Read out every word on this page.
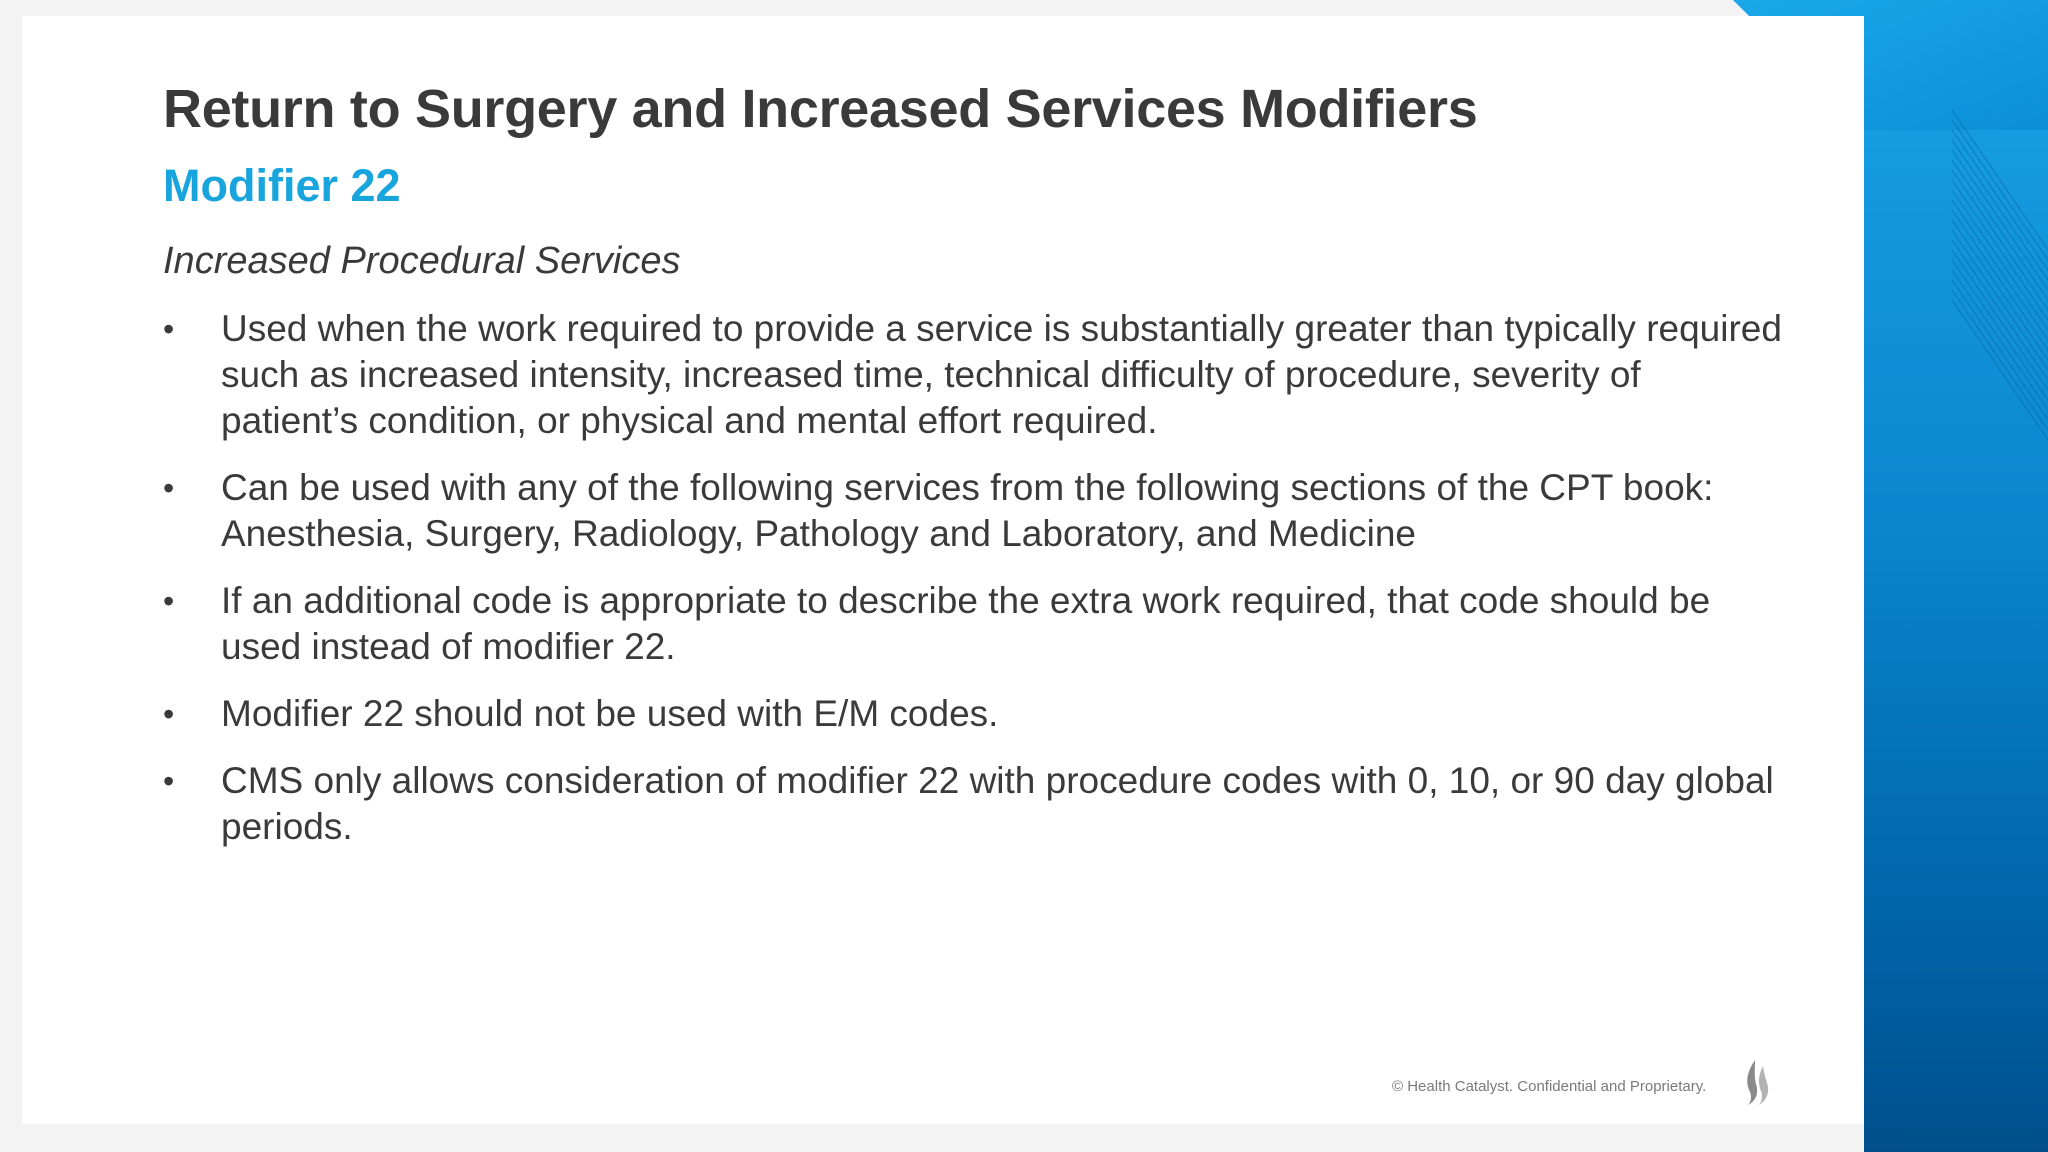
Return to Surgery and Increased Services Modifiers
Modifier 22

Increased Procedural Services

•	Used when the work required to provide a service is substantially greater than typically required such as increased intensity, increased time, technical difficulty of procedure, severity of patient’s condition, or physical and mental effort required.
•	Can be used with any of the following services from the following sections of the CPT book: Anesthesia, Surgery, Radiology, Pathology and Laboratory, and Medicine
•	If an additional code is appropriate to describe the extra work required, that code should be used instead of modifier 22.
•	Modifier 22 should not be used with E/M codes.
•	CMS only allows consideration of modifier 22 with procedure codes with 0, 10, or 90 day global periods.
© Health Catalyst. Confidential and Proprietary.
